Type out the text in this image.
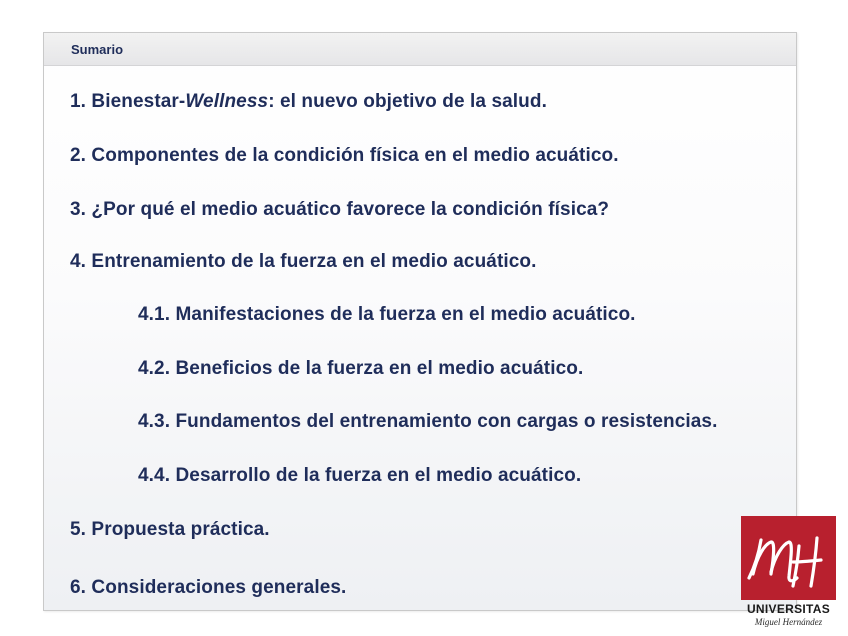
Sumario
1. Bienestar-Wellness: el nuevo objetivo de la salud.
2. Componentes de la condición física en el medio acuático.
3. ¿Por qué el medio acuático favorece la condición física?
4. Entrenamiento de la fuerza en el medio acuático.
4.1. Manifestaciones de la fuerza en el medio acuático.
4.2. Beneficios de la fuerza en el medio acuático.
4.3. Fundamentos del entrenamiento con cargas o resistencias.
4.4. Desarrollo de la fuerza en el medio acuático.
5. Propuesta práctica.
6. Consideraciones generales.
UNIVERSITAS
Miguel Hernández
